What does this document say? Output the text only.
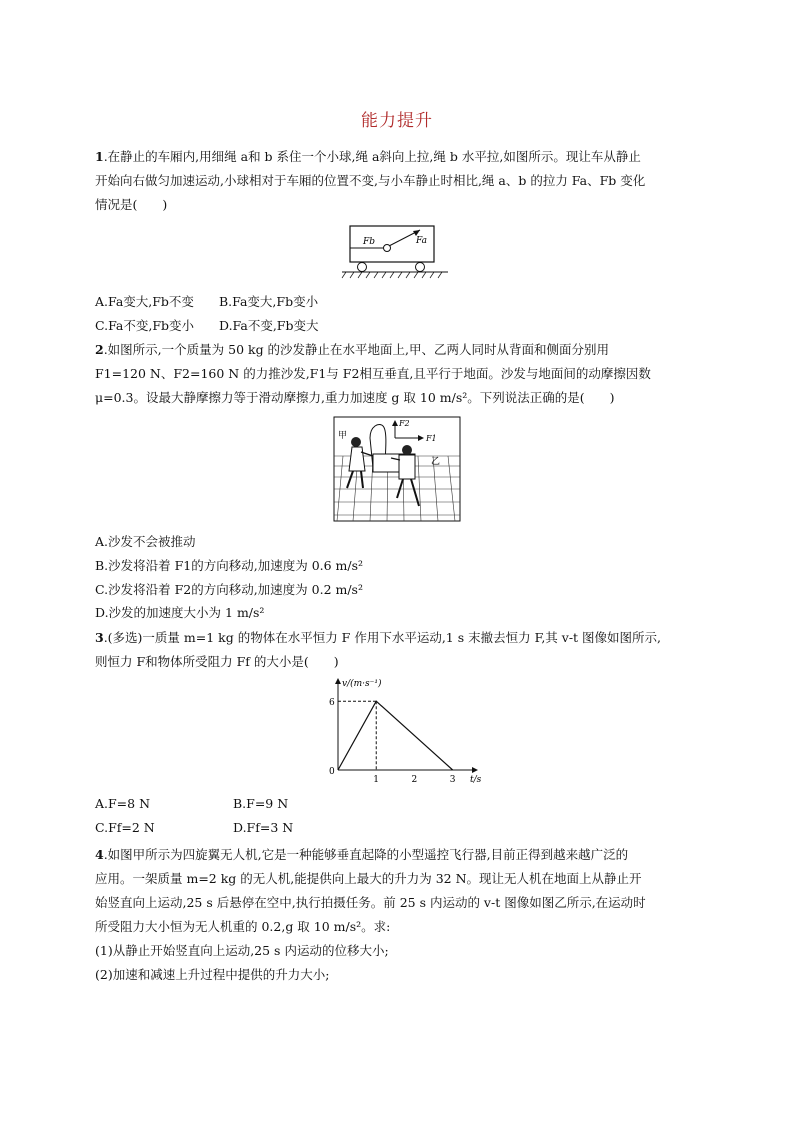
能力提升
1.在静止的车厢内,用细绳 a和 b 系住一个小球,绳 a斜向上拉,绳 b 水平拉,如图所示。现让车从静止
开始向右做匀加速运动,小球相对于车厢的位置不变,与小车静止时相比,绳 a、b 的拉力 Fa、Fb 变化
情况是(　　)
Fb	Fa
A.Fa变大,Fb不变 B.Fa变大,Fb变小
C.Fa不变,Fb变小 D.Fa不变,Fb变大
2.如图所示,一个质量为 50 kg 的沙发静止在水平地面上,甲、乙两人同时从背面和侧面分别用
F1=120 N、F2=160 N 的力推沙发,F1与 F2相互垂直,且平行于地面。沙发与地面间的动摩擦因数
μ=0.3。设最大静摩擦力等于滑动摩擦力,重力加速度 g 取 10 m/s²。下列说法正确的是(　　)
F2
F1
甲
乙
A.沙发不会被推动
B.沙发将沿着 F1的方向移动,加速度为 0.6 m/s²
C.沙发将沿着 F2的方向移动,加速度为 0.2 m/s²
D.沙发的加速度大小为 1 m/s²
3.(多选)一质量 m=1 kg 的物体在水平恒力 F 作用下水平运动,1 s 末撤去恒力 F,其 v-t 图像如图所示,
则恒力 F和物体所受阻力 Ff 的大小是(　　)
v/(m·s⁻¹)
t/s
0
6
1	2	3
A.F=8 N	B.F=9 N
C.Ff=2 N	D.Ff=3 N
4.如图甲所示为四旋翼无人机,它是一种能够垂直起降的小型遥控飞行器,目前正得到越来越广泛的
应用。一架质量 m=2 kg 的无人机,能提供向上最大的升力为 32 N。现让无人机在地面上从静止开
始竖直向上运动,25 s 后悬停在空中,执行拍摄任务。前 25 s 内运动的 v-t 图像如图乙所示,在运动时
所受阻力大小恒为无人机重的 0.2,g 取 10 m/s²。求:
(1)从静止开始竖直向上运动,25 s 内运动的位移大小;
(2)加速和减速上升过程中提供的升力大小;
